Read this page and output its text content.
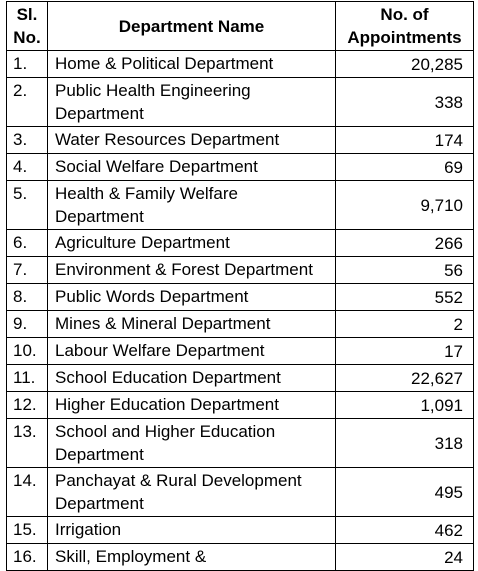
Sl.
No.	Department Name	No. of
Appointments
1.	Home & Political Department	20,285
2.	Public Health Engineering
Department	338
3.	Water Resources Department	174
4.	Social Welfare Department	69
5.	Health & Family Welfare
Department	9,710
6.	Agriculture Department	266
7.	Environment & Forest Department	56
8.	Public Words Department	552
9.	Mines & Mineral Department	2
10.	Labour Welfare Department	17
11.	School Education Department	22,627
12.	Higher Education Department	1,091
13.	School and Higher Education
Department	318
14.	Panchayat & Rural Development
Department	495
15.	Irrigation	462
16.	Skill, Employment &	24
